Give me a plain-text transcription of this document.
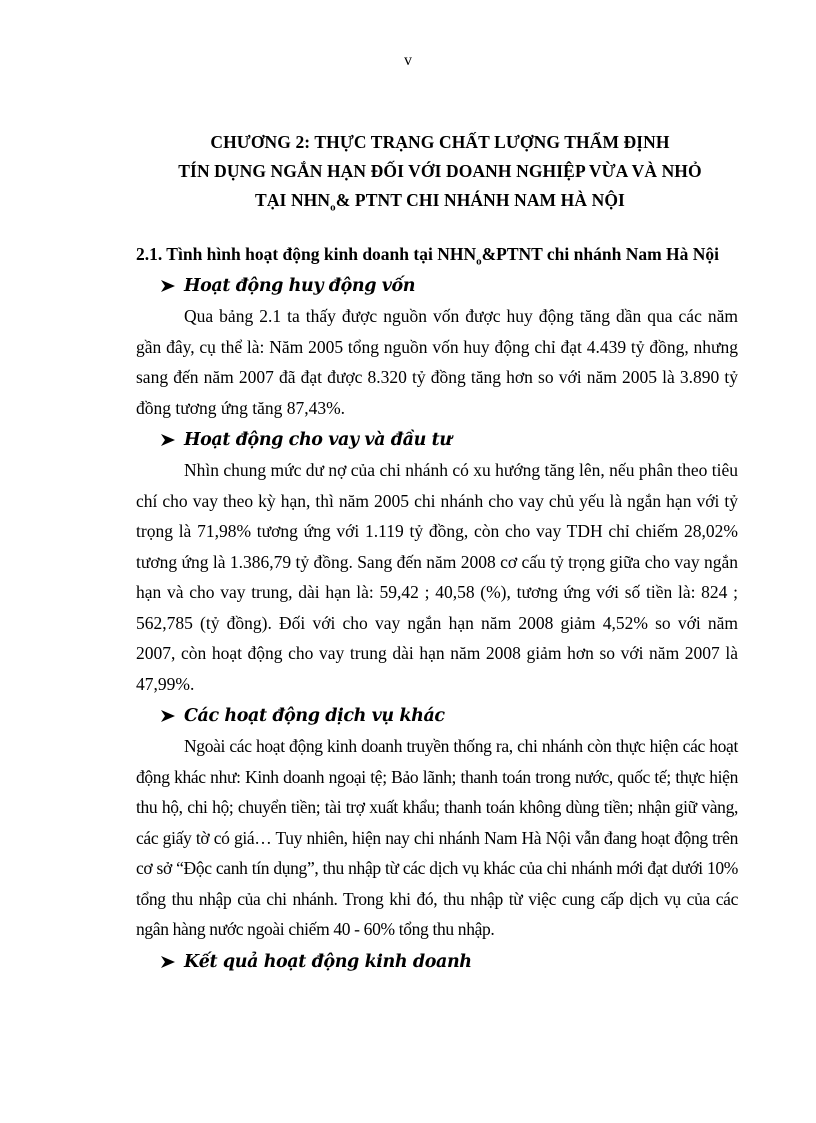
v
CHƯƠNG 2: THỰC TRẠNG CHẤT LƯỢNG THẨM ĐỊNH
TÍN DỤNG NGẮN HẠN ĐỐI VỚI DOANH NGHIỆP VỪA VÀ NHỎ
TẠI $NHN_o\&$ PTNT CHI NHÁNH NAM HÀ NỘI

2.1. Tình hình hoạt động kinh doanh tại $NHN_o\&PTNT$ chi nhánh Nam Hà Nội

Hoạt động huy động vốn

Qua bảng 2.1 ta thấy được nguồn vốn được huy động tăng dần qua các năm gần đây, cụ thể là: Năm 2005 tổng nguồn vốn huy động chỉ đạt 4.439 tỷ đồng, nhưng sang đến năm 2007 đã đạt được 8.320 tỷ đồng tăng hơn so với năm 2005 là 3.890 tỷ đồng tương ứng tăng 87,43%.

Hoạt động cho vay và đầu tư

Nhìn chung mức dư nợ của chi nhánh có xu hướng tăng lên, nếu phân theo tiêu chí cho vay theo kỳ hạn, thì năm 2005 chi nhánh cho vay chủ yếu là ngắn hạn với tỷ trọng là 71,98% tương ứng với 1.119 tỷ đồng, còn cho vay TDH chỉ chiếm 28,02% tương ứng là 1.386,79 tỷ đồng. Sang đến năm 2008 cơ cấu tỷ trọng giữa cho vay ngắn hạn và cho vay trung, dài hạn là: 59,42 ; 40,58 (%), tương ứng với số tiền là: 824 ; 562,785 (tỷ đồng). Đối với cho vay ngắn hạn năm 2008 giảm 4,52% so với năm 2007, còn hoạt động cho vay trung dài hạn năm 2008 giảm hơn so với năm 2007 là 47,99%.

Các hoạt động dịch vụ khác

Ngoài các hoạt động kinh doanh truyền thống ra, chi nhánh còn thực hiện các hoạt động khác như: Kinh doanh ngoại tệ; Bảo lãnh; thanh toán trong nước, quốc tế; thực hiện thu hộ, chi hộ; chuyển tiền; tài trợ xuất khẩu; thanh toán không dùng tiền; nhận giữ vàng, các giấy tờ có giá… Tuy nhiên, hiện nay chi nhánh Nam Hà Nội vẫn đang hoạt động trên cơ sở “Độc canh tín dụng”, thu nhập từ các dịch vụ khác của chi nhánh mới đạt dưới 10% tổng thu nhập của chi nhánh. Trong khi đó, thu nhập từ việc cung cấp dịch vụ của các ngân hàng nước ngoài chiếm 40 - 60% tổng thu nhập.

Kết quả hoạt động kinh doanh
